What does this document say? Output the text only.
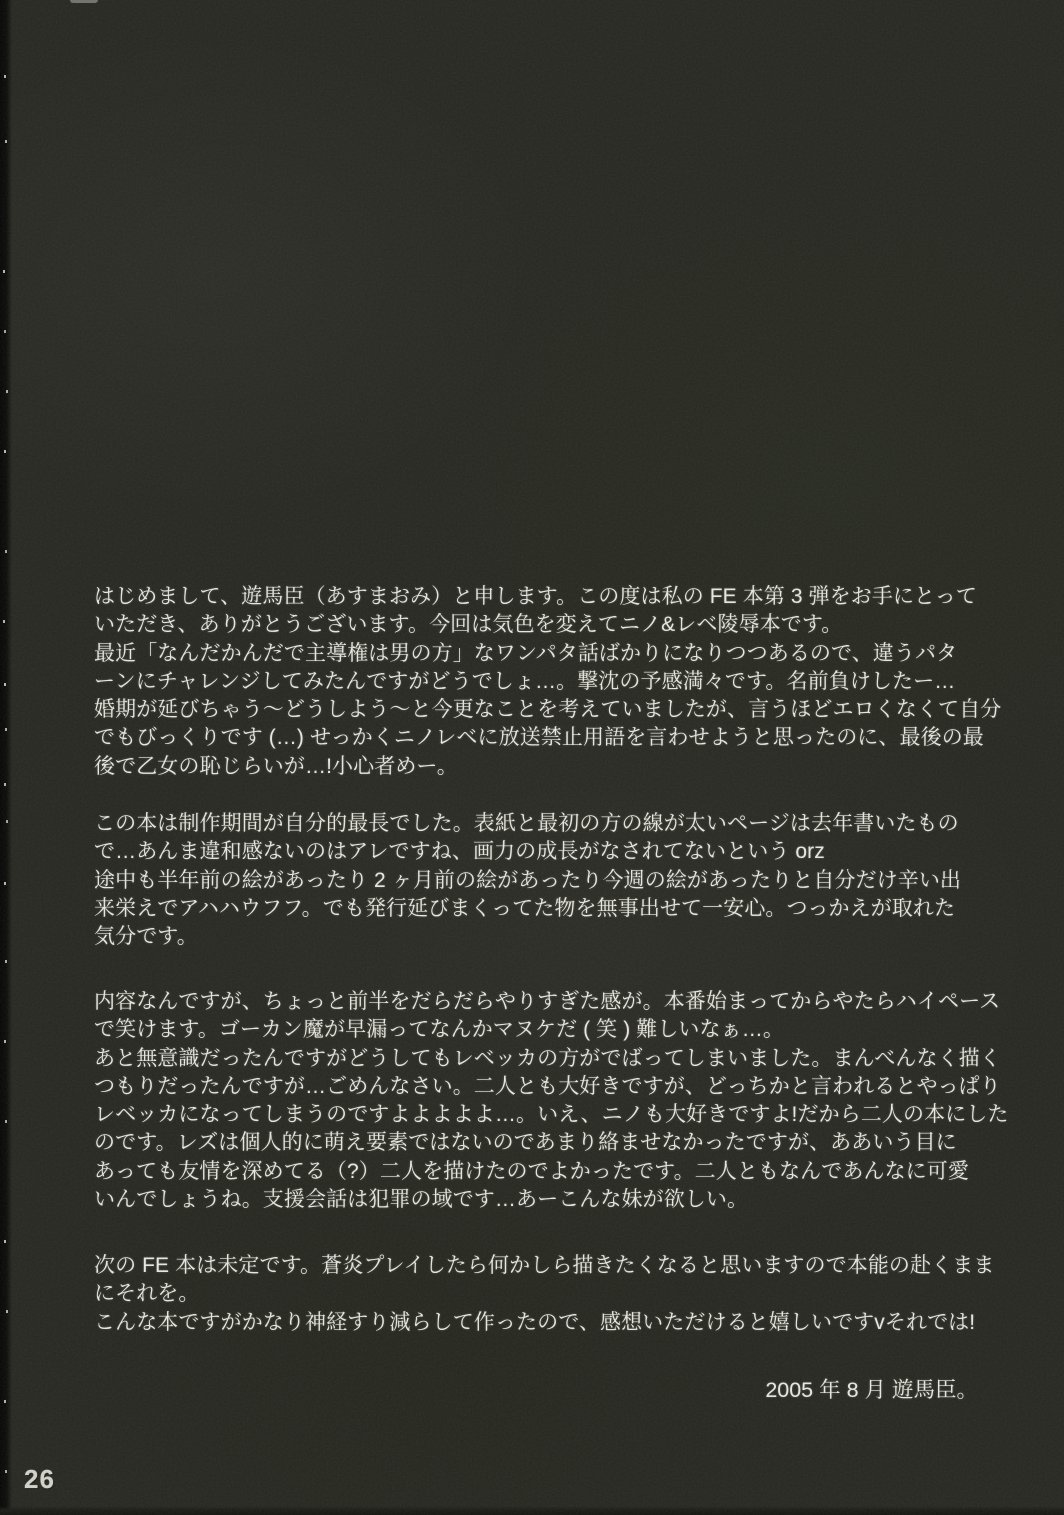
はじめまして、遊馬臣（あすまおみ）と申します。この度は私の FE 本第 3 弾をお手にとって
いただき、ありがとうございます。今回は気色を変えてニノ&レベ陵辱本です。
最近「なんだかんだで主導権は男の方」なワンパタ話ばかりになりつつあるので、違うパタ
ーンにチャレンジしてみたんですがどうでしょ…。撃沈の予感満々です。名前負けしたー…
婚期が延びちゃう〜どうしよう〜と今更なことを考えていましたが、言うほどエロくなくて自分
でもびっくりです (…) せっかくニノレベに放送禁止用語を言わせようと思ったのに、最後の最
後で乙女の恥じらいが…!小心者めー。
この本は制作期間が自分的最長でした。表紙と最初の方の線が太いページは去年書いたもの
で…あんま違和感ないのはアレですね、画力の成長がなされてないという orz
途中も半年前の絵があったり 2 ヶ月前の絵があったり今週の絵があったりと自分だけ辛い出
来栄えでアハハウフフ。でも発行延びまくってた物を無事出せて一安心。つっかえが取れた
気分です。
内容なんですが、ちょっと前半をだらだらやりすぎた感が。本番始まってからやたらハイペース
で笑けます。ゴーカン魔が早漏ってなんかマヌケだ ( 笑 ) 難しいなぁ…。
あと無意識だったんですがどうしてもレベッカの方がでばってしまいました。まんべんなく描く
つもりだったんですが…ごめんなさい。二人とも大好きですが、どっちかと言われるとやっぱり
レベッカになってしまうのですよよよよよ…。いえ、ニノも大好きですよ!だから二人の本にした
のです。レズは個人的に萌え要素ではないのであまり絡ませなかったですが、ああいう目に
あっても友情を深めてる（?）二人を描けたのでよかったです。二人ともなんであんなに可愛
いんでしょうね。支援会話は犯罪の域です…あーこんな妹が欲しい。
次の FE 本は未定です。蒼炎プレイしたら何かしら描きたくなると思いますので本能の赴くまま
にそれを。
こんな本ですがかなり神経すり減らして作ったので、感想いただけると嬉しいですvそれでは!
2005 年 8 月 遊馬臣。
26
